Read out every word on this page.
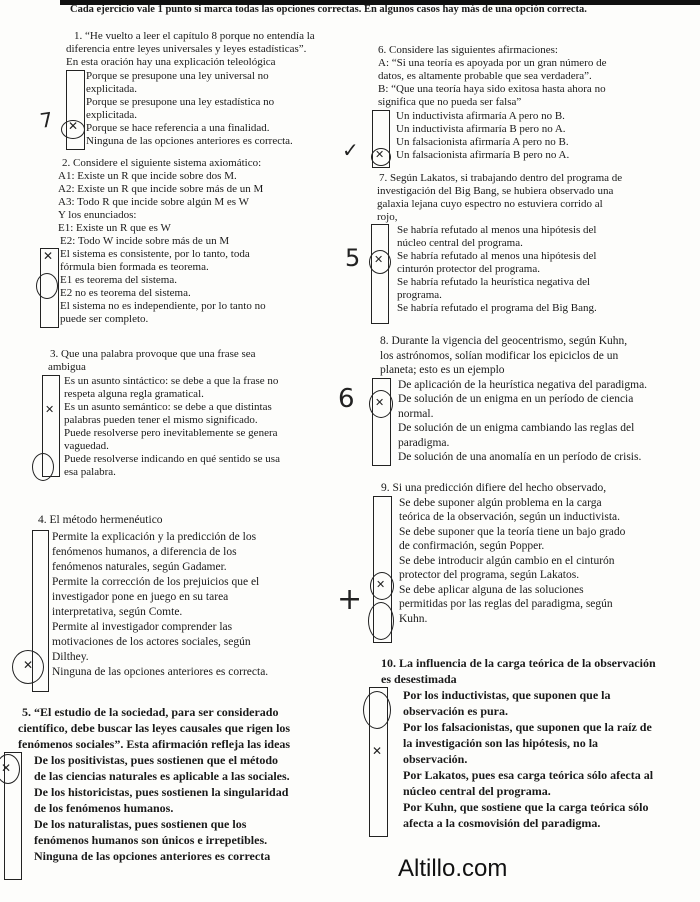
Cada ejercicio vale 1 punto si marca todas las opciones correctas. En algunos casos hay más de una opción correcta.
1. “He vuelto a leer el capítulo 8 porque no entendía la
diferencia entre leyes universales y leyes estadísticas”.
En esta oración hay una explicación teleológica
Porque se presupone una ley universal no
explicitada.
Porque se presupone una ley estadística no
explicitada.
Porque se hace referencia a una finalidad.
Ninguna de las opciones anteriores es correcta.
✕
7
2. Considere el siguiente sistema axiomático:
A1: Existe un R que incide sobre dos M.
A2: Existe un R que incide sobre más de un M
A3: Todo R que incide sobre algún M es W
Y los enunciados:
E1: Existe un R que es W
E2: Todo W incide sobre más de un M
El sistema es consistente, por lo tanto, toda
fórmula bien formada es teorema.
E1 es teorema del sistema.
E2 no es teorema del sistema.
El sistema no es independiente, por lo tanto no
puede ser completo.
✕
3. Que una palabra provoque que una frase sea
ambigua
Es un asunto sintáctico: se debe a que la frase no
respeta alguna regla gramatical.
Es un asunto semántico: se debe a que distintas
palabras pueden tener el mismo significado.
Puede resolverse pero inevitablemente se genera
vaguedad.
Puede resolverse indicando en qué sentido se usa
esa palabra.
✕
4. El método hermenéutico
Permite la explicación y la predicción de los
fenómenos humanos, a diferencia de los
fenómenos naturales, según Gadamer.
Permite la corrección de los prejuicios que el
investigador pone en juego en su tarea
interpretativa, según Comte.
Permite al investigador comprender las
motivaciones de los actores sociales, según
Dilthey.
Ninguna de las opciones anteriores es correcta.
✕
5. “El estudio de la sociedad, para ser considerado
científico, debe buscar las leyes causales que rigen los
fenómenos sociales”. Esta afirmación refleja las ideas
De los positivistas, pues sostienen que el método
de las ciencias naturales es aplicable a las sociales.
De los historicistas, pues sostienen la singularidad
de los fenómenos humanos.
De los naturalistas, pues sostienen que los
fenómenos humanos son únicos e irrepetibles.
Ninguna de las opciones anteriores es correcta
✕
6. Considere las siguientes afirmaciones:
A: “Si una teoría es apoyada por un gran número de
datos, es altamente probable que sea verdadera”.
B: “Que una teoría haya sido exitosa hasta ahora no
significa que no pueda ser falsa”
Un inductivista afirmaría A pero no B.
Un inductivista afirmaría B pero no A.
Un falsacionista afirmaría A pero no B.
Un falsacionista afirmaría B pero no A.
✕
✓
7. Según Lakatos, si trabajando dentro del programa de
investigación del Big Bang, se hubiera observado una
galaxia lejana cuyo espectro no estuviera corrido al
rojo,
Se habría refutado al menos una hipótesis del
núcleo central del programa.
Se habría refutado al menos una hipótesis del
cinturón protector del programa.
Se habría refutado la heurística negativa del
programa.
Se habría refutado el programa del Big Bang.
✕
5
8. Durante la vigencia del geocentrismo, según Kuhn,
los astrónomos, solían modificar los epiciclos de un
planeta; esto es un ejemplo
De aplicación de la heurística negativa del paradigma.
De solución de un enigma en un período de ciencia
normal.
De solución de un enigma cambiando las reglas del
paradigma.
De solución de una anomalía en un período de crisis.
✕
6
9. Si una predicción difiere del hecho observado,
Se debe suponer algún problema en la carga
teórica de la observación, según un inductivista.
Se debe suponer que la teoría tiene un bajo grado
de confirmación, según Popper.
Se debe introducir algún cambio en el cinturón
protector del programa, según Lakatos.
Se debe aplicar alguna de las soluciones
permitidas por las reglas del paradigma, según
Kuhn.
✕
+
10. La influencia de la carga teórica de la observación
es desestimada
Por los inductivistas, que suponen que la
observación es pura.
Por los falsacionistas, que suponen que la raíz de
la investigación son las hipótesis, no la
observación.
Por Lakatos, pues esa carga teórica sólo afecta al
núcleo central del programa.
Por Kuhn, que sostiene que la carga teórica sólo
afecta a la cosmovisión del paradigma.
✕
Altillo.com
